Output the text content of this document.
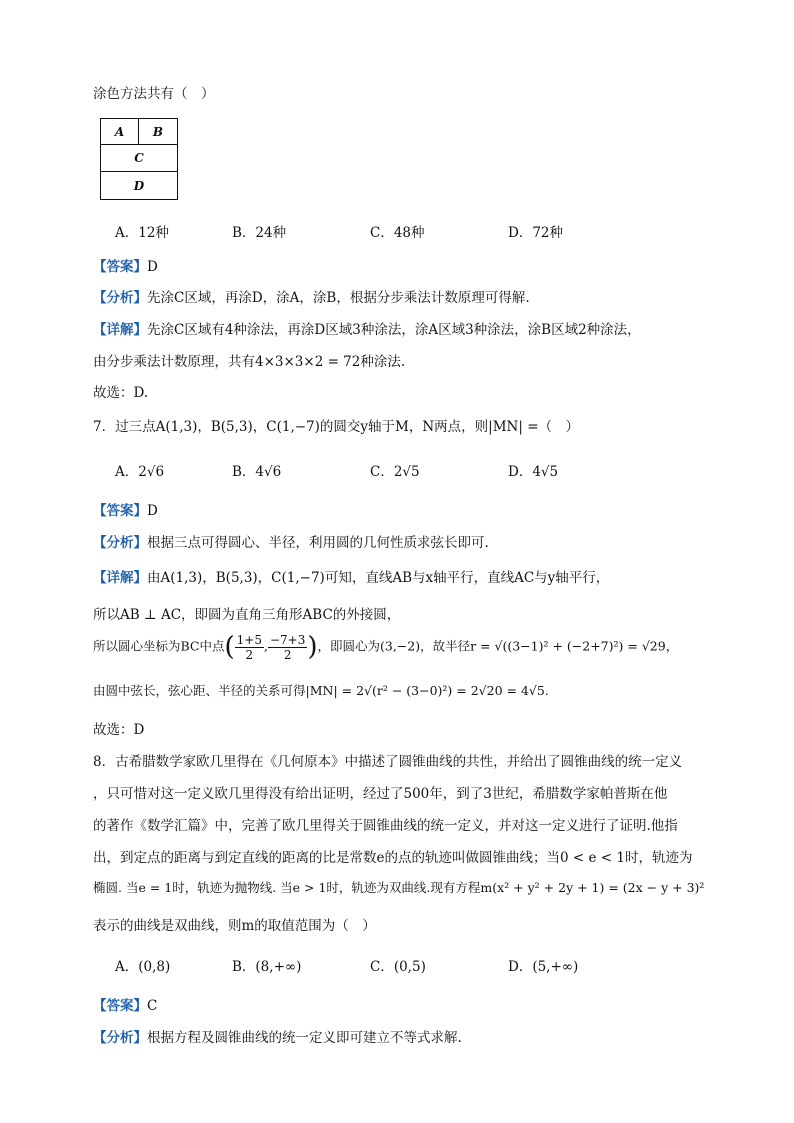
涂色方法共有（　）
A	B
C
D
A．12种	B．24种	C．48种	D．72种
【答案】D
【分析】先涂C区域，再涂D，涂A，涂B，根据分步乘法计数原理可得解.
【详解】先涂C区域有4种涂法，再涂D区域3种涂法，涂A区域3种涂法，涂B区域2种涂法，
由分步乘法计数原理，共有4×3×3×2 = 72种涂法.
故选：D.
7．过三点A(1,3)，B(5,3)，C(1,−7)的圆交y轴于M，N两点，则|MN| =（　）
A．2√6	B．4√6	C．2√5	D．4√5
【答案】D
【分析】根据三点可得圆心、半径，利用圆的几何性质求弦长即可.
【详解】由A(1,3)，B(5,3)，C(1,−7)可知，直线AB与x轴平行，直线AC与y轴平行，
所以AB ⊥ AC，即圆为直角三角形ABC的外接圆，
所以圆心坐标为BC中点( $\frac{1+5}{2}$ , $\frac{-7+3}{2}$ )，即圆心为(3,−2)，故半径r = √((3−1)² + (−2+7)²) = √29，
由圆中弦长，弦心距、半径的关系可得|MN| = 2√(r² − (3−0)²) = 2√20 = 4√5.
故选：D
8．古希腊数学家欧几里得在《几何原本》中描述了圆锥曲线的共性，并给出了圆锥曲线的统一定义
，只可惜对这一定义欧几里得没有给出证明，经过了500年，到了3世纪，希腊数学家帕普斯在他
的著作《数学汇篇》中，完善了欧几里得关于圆锥曲线的统一定义，并对这一定义进行了证明.他指
出，到定点的距离与到定直线的距离的比是常数e的点的轨迹叫做圆锥曲线；当0 < e < 1时，轨迹为
椭圆. 当e = 1时，轨迹为抛物线. 当e > 1时，轨迹为双曲线.现有方程m(x² + y² + 2y + 1) = (2x − y + 3)²
表示的曲线是双曲线，则m的取值范围为（　）
A．(0,8)	B．(8,+∞)	C．(0,5)	D．(5,+∞)
【答案】C
【分析】根据方程及圆锥曲线的统一定义即可建立不等式求解.
